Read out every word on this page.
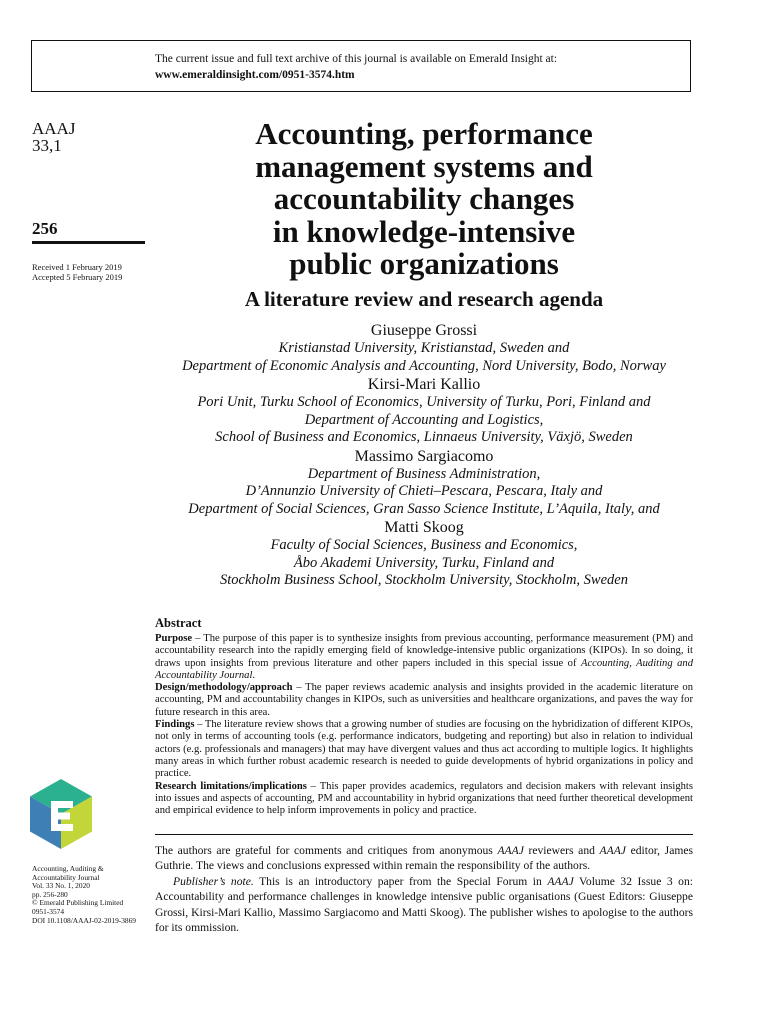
The current issue and full text archive of this journal is available on Emerald Insight at:
www.emeraldinsight.com/0951-3574.htm
AAAJ
33,1
256
Received 1 February 2019
Accepted 5 February 2019
Accounting, performance
management systems and
accountability changes
in knowledge-intensive
public organizations
A literature review and research agenda
Giuseppe Grossi
Kristianstad University, Kristianstad, Sweden and
Department of Economic Analysis and Accounting, Nord University, Bodo, Norway
Kirsi-Mari Kallio
Pori Unit, Turku School of Economics, University of Turku, Pori, Finland and
Department of Accounting and Logistics,
School of Business and Economics, Linnaeus University, Växjö, Sweden
Massimo Sargiacomo
Department of Business Administration,
D’Annunzio University of Chieti–Pescara, Pescara, Italy and
Department of Social Sciences, Gran Sasso Science Institute, L’Aquila, Italy, and
Matti Skoog
Faculty of Social Sciences, Business and Economics,
Åbo Akademi University, Turku, Finland and
Stockholm Business School, Stockholm University, Stockholm, Sweden
Abstract

Purpose – The purpose of this paper is to synthesize insights from previous accounting, performance measurement (PM) and accountability research into the rapidly emerging field of knowledge-intensive public organizations (KIPOs). In so doing, it draws upon insights from previous literature and other papers included in this special issue of Accounting, Auditing and Accountability Journal.

Design/methodology/approach – The paper reviews academic analysis and insights provided in the academic literature on accounting, PM and accountability changes in KIPOs, such as universities and healthcare organizations, and paves the way for future research in this area.

Findings – The literature review shows that a growing number of studies are focusing on the hybridization of different KIPOs, not only in terms of accounting tools (e.g. performance indicators, budgeting and reporting) but also in relation to individual actors (e.g. professionals and managers) that may have divergent values and thus act according to multiple logics. It highlights many areas in which further robust academic research is needed to guide developments of hybrid organizations in policy and practice.

Research limitations/implications – This paper provides academics, regulators and decision makers with relevant insights into issues and aspects of accounting, PM and accountability in hybrid organizations that need further theoretical development and empirical evidence to help inform improvements in policy and practice.

The authors are grateful for comments and critiques from anonymous AAAJ reviewers and AAAJ editor, James Guthrie. The views and conclusions expressed within remain the responsibility of the authors.

Publisher’s note. This is an introductory paper from the Special Forum in AAAJ Volume 32 Issue 3 on: Accountability and performance challenges in knowledge intensive public organisations (Guest Editors: Giuseppe Grossi, Kirsi-Mari Kallio, Massimo Sargiacomo and Matti Skoog). The publisher wishes to apologise to the authors for its ommission.

Accounting, Auditing &
Accountability Journal
Vol. 33 No. 1, 2020
pp. 256-280
© Emerald Publishing Limited
0951-3574
DOI 10.1108/AAAJ-02-2019-3869
